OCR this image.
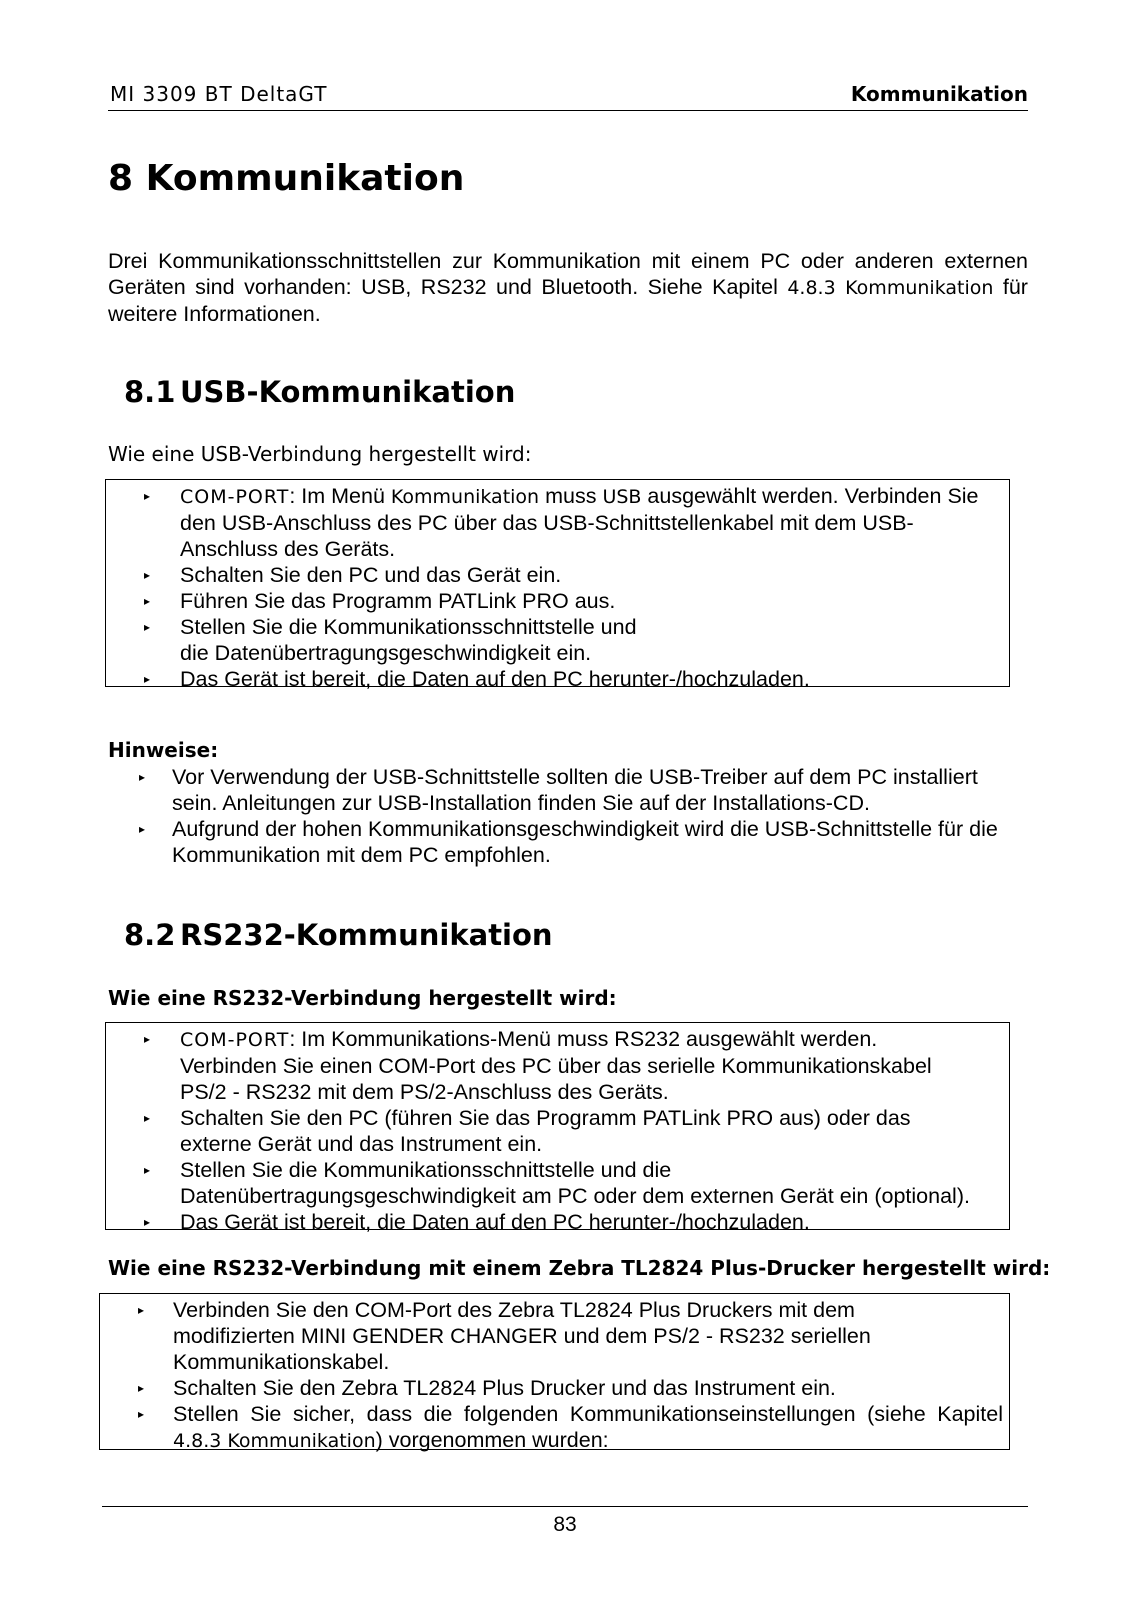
MI 3309 BT DeltaGT	Kommunikation
8 Kommunikation
Drei Kommunikationsschnittstellen zur Kommunikation mit einem PC oder anderen externen Geräten sind vorhanden: USB, RS232 und Bluetooth. Siehe Kapitel 4.8.3 Kommunikation für weitere Informationen.
8.1 USB-Kommunikation
Wie eine USB-Verbindung hergestellt wird:
▸ COM-PORT: Im Menü Kommunikation muss USB ausgewählt werden. Verbinden Sie den USB-Anschluss des PC über das USB-Schnittstellenkabel mit dem USB-Anschluss des Geräts.
▸ Schalten Sie den PC und das Gerät ein.
▸ Führen Sie das Programm PATLink PRO aus.
▸ Stellen Sie die Kommunikationsschnittstelle und die Datenübertragungsgeschwindigkeit ein.
▸ Das Gerät ist bereit, die Daten auf den PC herunter-/hochzuladen.
Hinweise:
▸ Vor Verwendung der USB-Schnittstelle sollten die USB-Treiber auf dem PC installiert sein. Anleitungen zur USB-Installation finden Sie auf der Installations-CD.
▸ Aufgrund der hohen Kommunikationsgeschwindigkeit wird die USB-Schnittstelle für die Kommunikation mit dem PC empfohlen.
8.2 RS232-Kommunikation
Wie eine RS232-Verbindung hergestellt wird:
▸ COM-PORT: Im Kommunikations-Menü muss RS232 ausgewählt werden. Verbinden Sie einen COM-Port des PC über das serielle Kommunikationskabel PS/2 - RS232 mit dem PS/2-Anschluss des Geräts.
▸ Schalten Sie den PC (führen Sie das Programm PATLink PRO aus) oder das externe Gerät und das Instrument ein.
▸ Stellen Sie die Kommunikationsschnittstelle und die Datenübertragungsgeschwindigkeit am PC oder dem externen Gerät ein (optional).
▸ Das Gerät ist bereit, die Daten auf den PC herunter-/hochzuladen.
Wie eine RS232-Verbindung mit einem Zebra TL2824 Plus-Drucker hergestellt wird:
▸ Verbinden Sie den COM-Port des Zebra TL2824 Plus Druckers mit dem modifizierten MINI GENDER CHANGER und dem PS/2 - RS232 seriellen Kommunikationskabel.
▸ Schalten Sie den Zebra TL2824 Plus Drucker und das Instrument ein.
▸ Stellen Sie sicher, dass die folgenden Kommunikationseinstellungen (siehe Kapitel 4.8.3 Kommunikation) vorgenommen wurden:
83
